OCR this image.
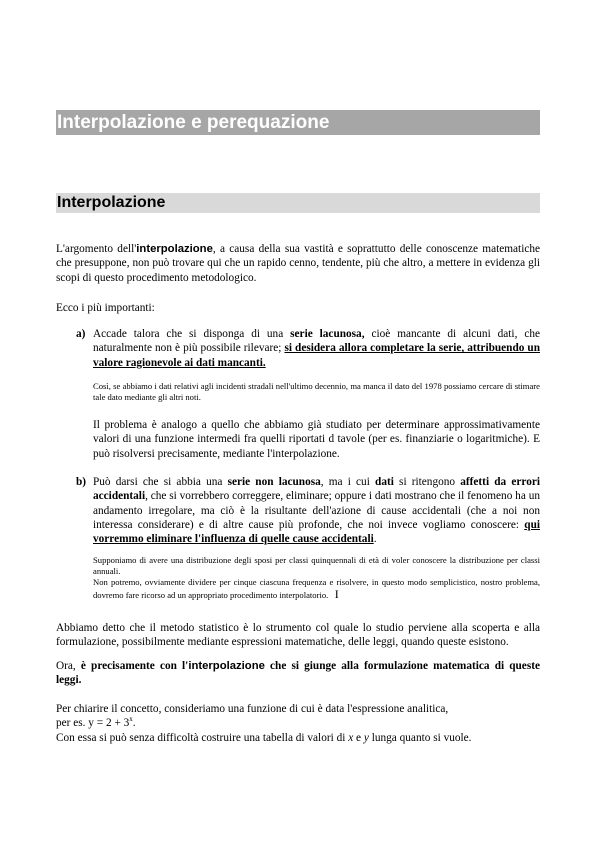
Interpolazione e perequazione
Interpolazione
L'argomento dell'interpolazione, a causa della sua vastità e soprattutto delle conoscenze matematiche che presuppone, non può trovare qui che un rapido cenno, tendente, più che altro, a mettere in evidenza gli scopi di questo procedimento metodologico.
Ecco i più importanti:
a) Accade talora che si disponga di una serie lacunosa, cioè mancante di alcuni dati, che naturalmente non è più possibile rilevare; si desidera allora completare la serie, attribuendo un valore ragionevole ai dati mancanti.
Così, se abbiamo i dati relativi agli incidenti stradali nell'ultimo decennio, ma manca il dato del 1978 possiamo cercare di stimare tale dato mediante gli altri noti.
Il problema è analogo a quello che abbiamo già studiato per determinare approssimativamente valori di una funzione intermedi fra quelli riportati d tavole (per es. finanziarie o logaritmiche). E può risolversi precisamente, mediante l'interpolazione.
b) Può darsi che si abbia una serie non lacunosa, ma i cui dati si ritengono affetti da errori accidentali, che si vorrebbero correggere, eliminare; oppure i dati mostrano che il fenomeno ha un andamento irregolare, ma ciò è la risultante dell'azione di cause accidentali (che a noi non interessa considerare) e di altre cause più profonde, che noi invece vogliamo conoscere: qui vorremmo eliminare l'influenza di quelle cause accidentali.
Supponiamo di avere una distribuzione degli sposi per classi quinquennali di età di voler conoscere la distribuzione per classi annuali.
Non potremo, ovviamente dividere per cinque ciascuna frequenza e risolvere, in questo modo semplicistico, nostro problema, dovremo fare ricorso ad un appropriato procedimento interpolatorio. I
Abbiamo detto che il metodo statistico è lo strumento col quale lo studio perviene alla scoperta e alla formulazione, possibilmente mediante espressioni matematiche, delle leggi, quando queste esistono.
Ora, è precisamente con l'interpolazione che si giunge alla formulazione matematica di queste leggi.
Per chiarire il concetto, consideriamo una funzione di cui è data l'espressione analitica,
per es. $y = 2 + 3^x$.
Con essa si può senza difficoltà costruire una tabella di valori di x e y lunga quanto si vuole.
